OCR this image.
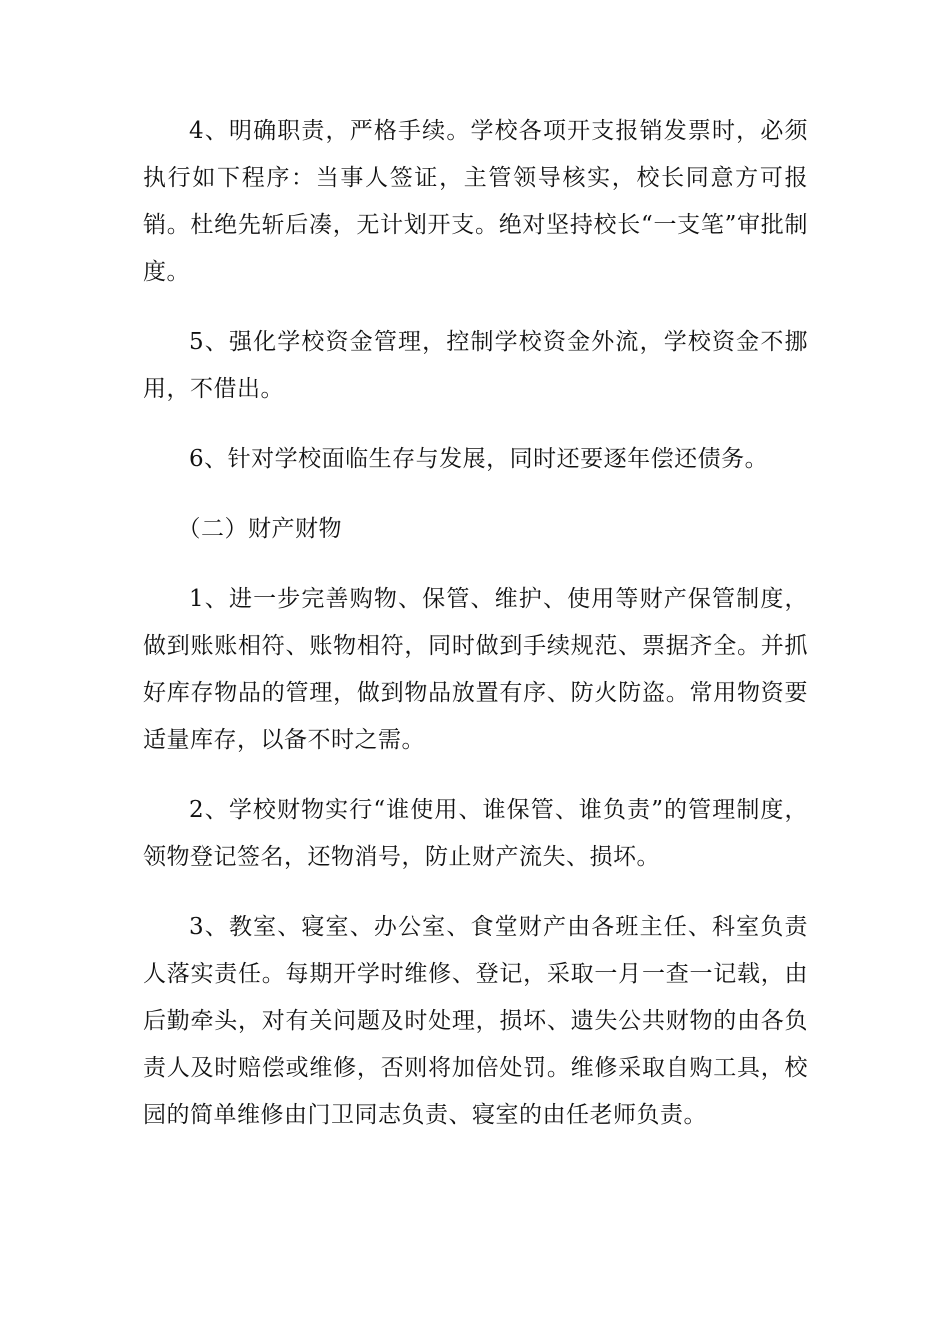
4、明确职责，严格手续。学校各项开支报销发票时，必须执行如下程序：当事人签证，主管领导核实，校长同意方可报销。杜绝先斩后凑，无计划开支。绝对坚持校长“一支笔”审批制度。

5、强化学校资金管理，控制学校资金外流，学校资金不挪用，不借出。

6、针对学校面临生存与发展，同时还要逐年偿还债务。

（二）财产财物

1、进一步完善购物、保管、维护、使用等财产保管制度，做到账账相符、账物相符，同时做到手续规范、票据齐全。并抓好库存物品的管理，做到物品放置有序、防火防盗。常用物资要适量库存，以备不时之需。

2、学校财物实行“谁使用、谁保管、谁负责”的管理制度，领物登记签名，还物消号，防止财产流失、损坏。

3、教室、寝室、办公室、食堂财产由各班主任、科室负责人落实责任。每期开学时维修、登记，采取一月一查一记载，由后勤牵头，对有关问题及时处理，损坏、遗失公共财物的由各负责人及时赔偿或维修，否则将加倍处罚。维修采取自购工具，校园的简单维修由门卫同志负责、寝室的由任老师负责。
